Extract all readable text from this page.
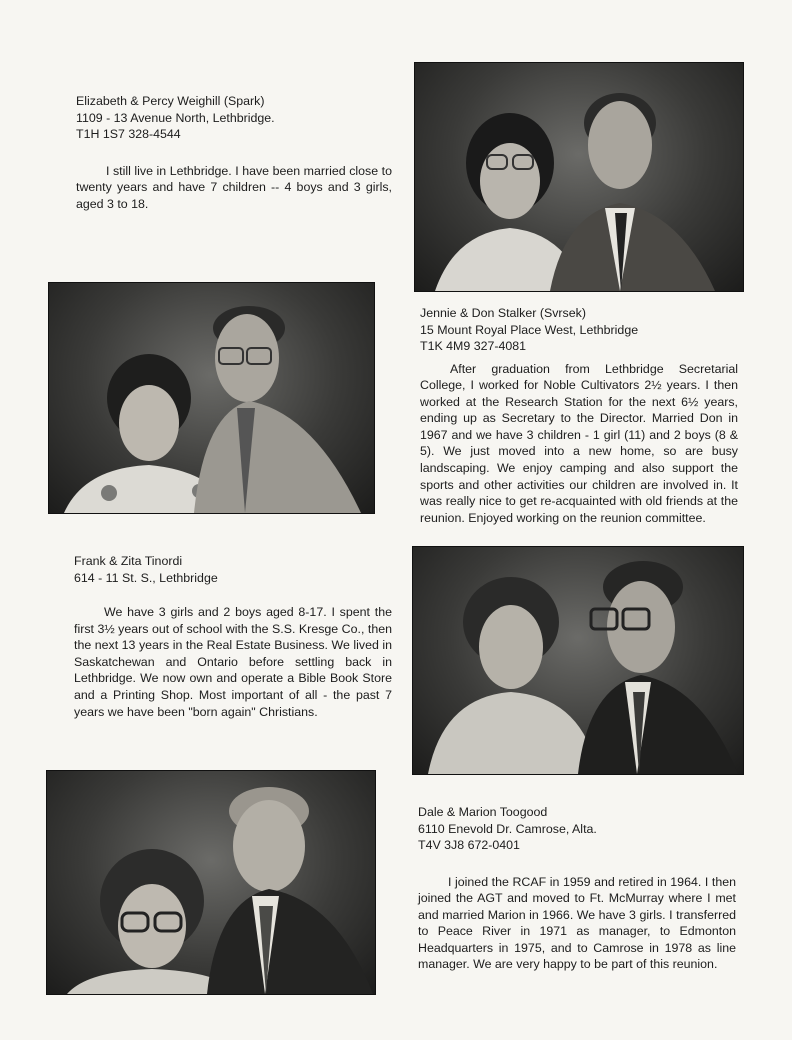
Elizabeth & Percy Weighill (Spark)

1109 - 13 Avenue North, Lethbridge.

T1H 1S7 328-4544

I still live in Lethbridge. I have been married close to twenty years and have 7 children -- 4 boys and 3 girls, aged 3 to 18.

Jennie & Don Stalker (Svrsek)

15 Mount Royal Place West, Lethbridge

T1K 4M9 327-4081

After graduation from Lethbridge Secretarial College, I worked for Noble Cultivators 2½ years. I then worked at the Research Station for the next 6½ years, ending up as Secretary to the Director. Married Don in 1967 and we have 3 children - 1 girl (11) and 2 boys (8 & 5). We just moved into a new home, so are busy landscaping. We enjoy camping and also support the sports and other activities our children are involved in. It was really nice to get re-acquainted with old friends at the reunion. Enjoyed working on the reunion committee.

Frank & Zita Tinordi

614 - 11 St. S., Lethbridge

We have 3 girls and 2 boys aged 8-17. I spent the first 3½ years out of school with the S.S. Kresge Co., then the next 13 years in the Real Estate Business. We lived in Saskatchewan and Ontario before settling back in Lethbridge. We now own and operate a Bible Book Store and a Printing Shop. Most important of all - the past 7 years we have been "born again" Christians.

Dale & Marion Toogood

6110 Enevold Dr. Camrose, Alta.

T4V 3J8 672-0401

I joined the RCAF in 1959 and retired in 1964. I then joined the AGT and moved to Ft. McMurray where I met and married Marion in 1966. We have 3 girls. I transferred to Peace River in 1971 as manager, to Edmonton Headquarters in 1975, and to Camrose in 1978 as line manager. We are very happy to be part of this reunion.
